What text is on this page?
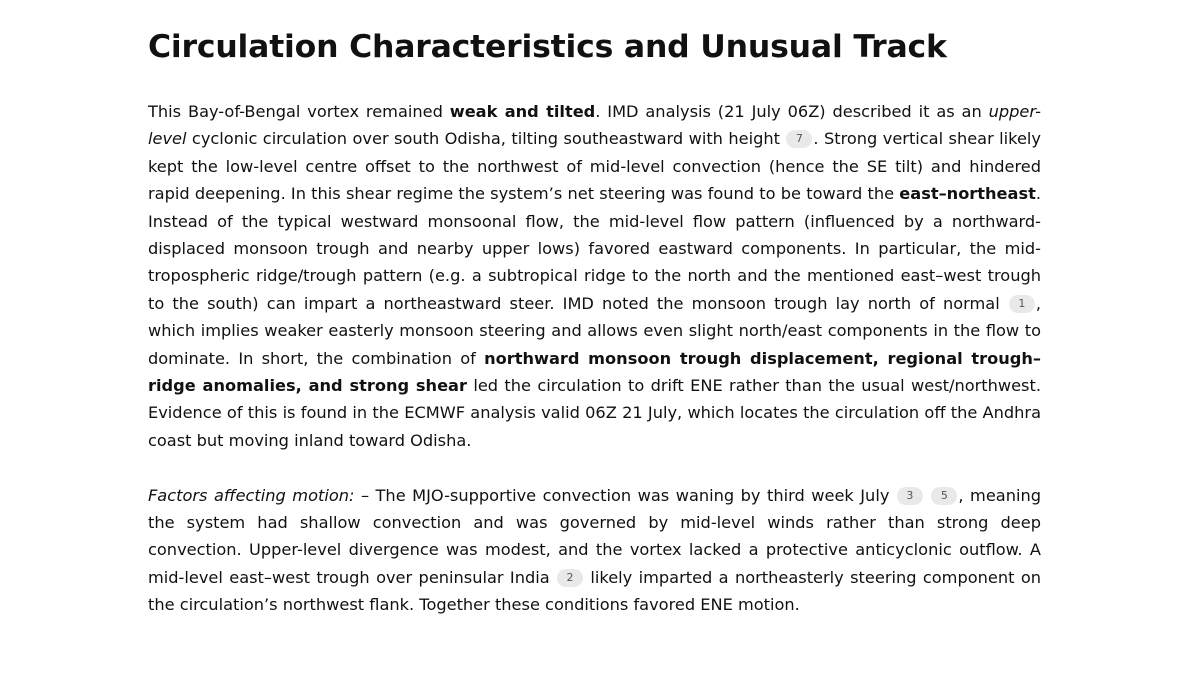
Circulation Characteristics and Unusual Track

This Bay-of-Bengal vortex remained weak and tilted. IMD analysis (21 July 06Z) described it as an upper-level cyclonic circulation over south Odisha, tilting southeastward with height 7 . Strong vertical shear likely kept the low-level centre offset to the northwest of mid-level convection (hence the SE tilt) and hindered rapid deepening. In this shear regime the system’s net steering was found to be toward the east–northeast. Instead of the typical westward monsoonal flow, the mid-level flow pattern (influenced by a northward-displaced monsoon trough and nearby upper lows) favored eastward components. In particular, the mid-tropospheric ridge/trough pattern (e.g. a subtropical ridge to the north and the mentioned east–west trough to the south) can impart a northeastward steer. IMD noted the monsoon trough lay north of normal 1 , which implies weaker easterly monsoon steering and allows even slight north/east components in the flow to dominate. In short, the combination of northward monsoon trough displacement, regional trough–ridge anomalies, and strong shear led the circulation to drift ENE rather than the usual west/northwest. Evidence of this is found in the ECMWF analysis valid 06Z 21 July, which locates the circulation off the Andhra coast but moving inland toward Odisha.

Factors affecting motion: – The MJO-supportive convection was waning by third week July 3	5 , meaning the system had shallow convection and was governed by mid-level winds rather than strong deep convection. Upper-level divergence was modest, and the vortex lacked a protective anticyclonic outflow. A mid-level east–west trough over peninsular India 2 likely imparted a northeasterly steering component on the circulation’s northwest flank. Together these conditions favored ENE motion.
